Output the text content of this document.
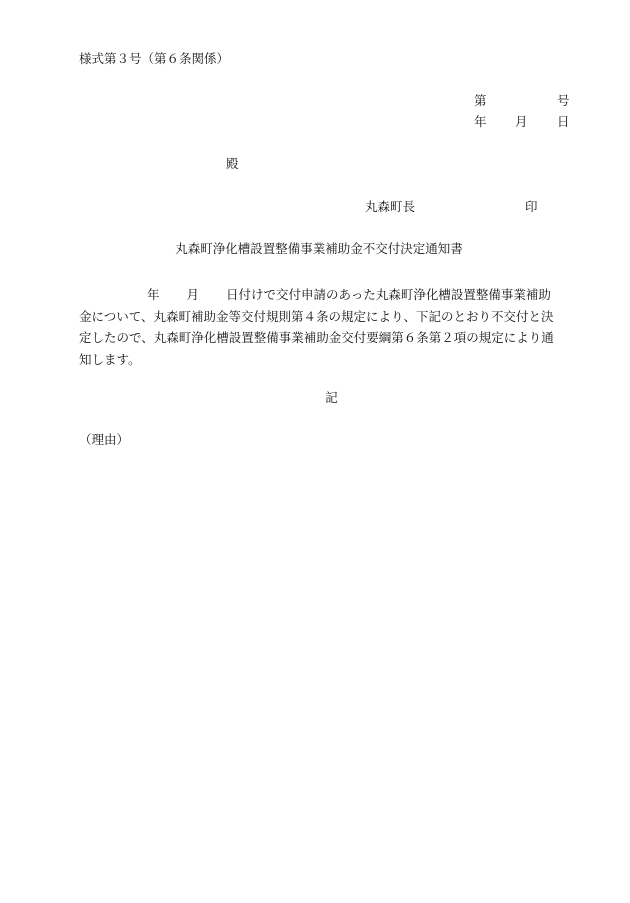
様式第３号（第６条関係）
第	号
年 月 日
殿
丸森町長	印
丸森町浄化槽設置整備事業補助金不交付決定通知書
年 月 日付けで交付申請のあった丸森町浄化槽設置整備事業補助
金について、丸森町補助金等交付規則第４条の規定により、下記のとおり不交付と決
定したので、丸森町浄化槽設置整備事業補助金交付要綱第６条第２項の規定により通
知します。
記
（理由）
